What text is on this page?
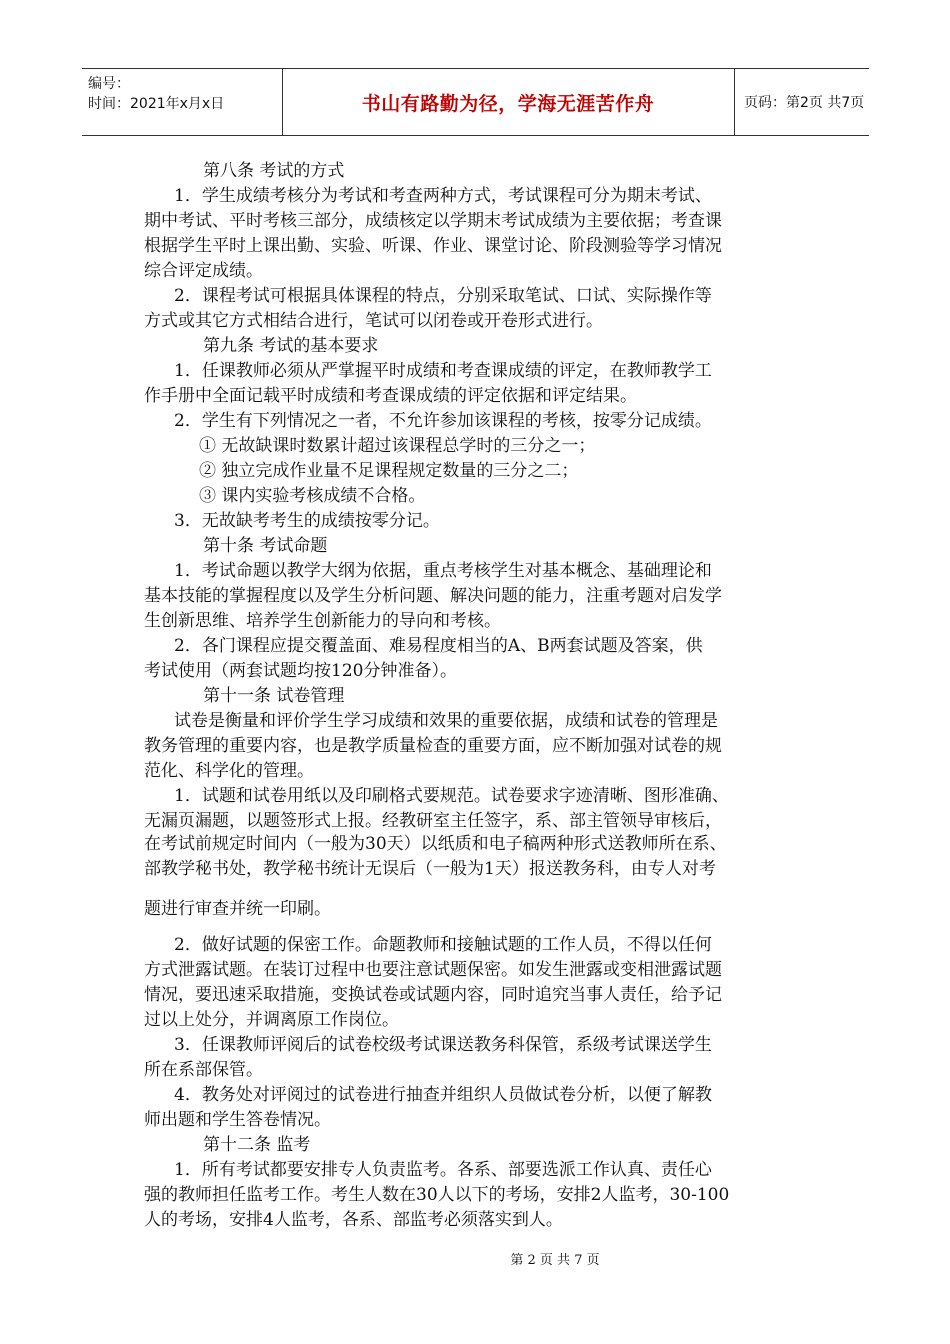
编号：
时间：2021年x月x日	书山有路勤为径，学海无涯苦作舟	页码：第2页 共7页
第八条 考试的方式
1．学生成绩考核分为考试和考查两种方式，考试课程可分为期末考试、
期中考试、平时考核三部分，成绩核定以学期末考试成绩为主要依据；考查课
根据学生平时上课出勤、实验、听课、作业、课堂讨论、阶段测验等学习情况
综合评定成绩。
2．课程考试可根据具体课程的特点，分别采取笔试、口试、实际操作等
方式或其它方式相结合进行，笔试可以闭卷或开卷形式进行。
第九条 考试的基本要求
1．任课教师必须从严掌握平时成绩和考查课成绩的评定，在教师教学工
作手册中全面记载平时成绩和考查课成绩的评定依据和评定结果。
2．学生有下列情况之一者，不允许参加该课程的考核，按零分记成绩。
① 无故缺课时数累计超过该课程总学时的三分之一；
② 独立完成作业量不足课程规定数量的三分之二；
③ 课内实验考核成绩不合格。
3．无故缺考考生的成绩按零分记。
第十条 考试命题
1．考试命题以教学大纲为依据，重点考核学生对基本概念、基础理论和
基本技能的掌握程度以及学生分析问题、解决问题的能力，注重考题对启发学
生创新思维、培养学生创新能力的导向和考核。
2．各门课程应提交覆盖面、难易程度相当的A、B两套试题及答案，供
考试使用（两套试题均按120分钟准备）。
第十一条 试卷管理
试卷是衡量和评价学生学习成绩和效果的重要依据，成绩和试卷的管理是
教务管理的重要内容，也是教学质量检查的重要方面，应不断加强对试卷的规
范化、科学化的管理。
1．试题和试卷用纸以及印刷格式要规范。试卷要求字迹清晰、图形准确、
无漏页漏题，以题签形式上报。经教研室主任签字，系、部主管领导审核后，
在考试前规定时间内（一般为30天）以纸质和电子稿两种形式送教师所在系、
部教学秘书处，教学秘书统计无误后（一般为1天）报送教务科，由专人对考
题进行审查并统一印刷。
2．做好试题的保密工作。命题教师和接触试题的工作人员，不得以任何
方式泄露试题。在装订过程中也要注意试题保密。如发生泄露或变相泄露试题
情况，要迅速采取措施，变换试卷或试题内容，同时追究当事人责任，给予记
过以上处分，并调离原工作岗位。
3．任课教师评阅后的试卷校级考试课送教务科保管，系级考试课送学生
所在系部保管。
4．教务处对评阅过的试卷进行抽查并组织人员做试卷分析，以便了解教
师出题和学生答卷情况。
第十二条 监考
1．所有考试都要安排专人负责监考。各系、部要选派工作认真、责任心
强的教师担任监考工作。考生人数在30人以下的考场，安排2人监考，30-100
人的考场，安排4人监考，各系、部监考必须落实到人。
第 2 页 共 7 页
